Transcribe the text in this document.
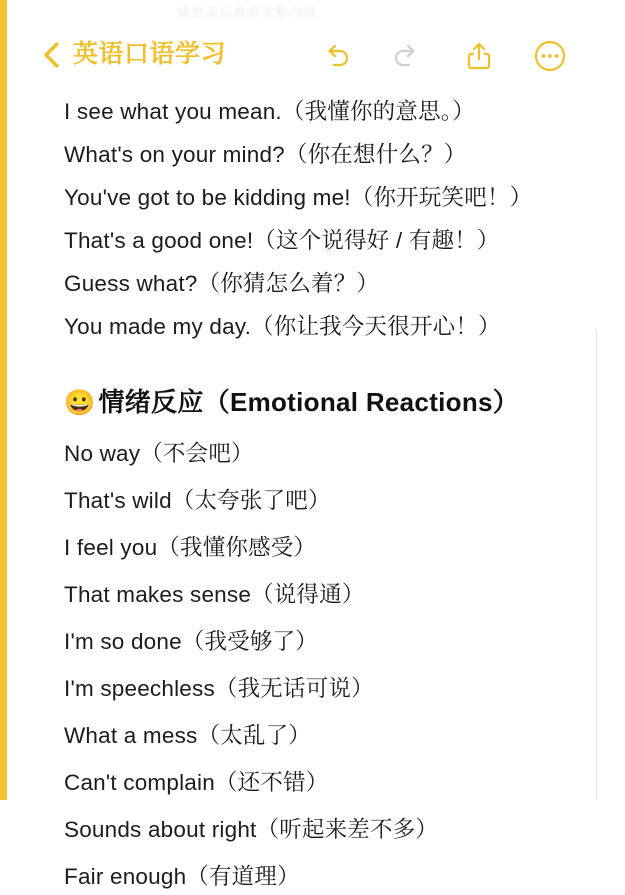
请登录后查看完整内容
英语口语学习
I see what you mean.（我懂你的意思。）
What's on your mind?（你在想什么？）
You've got to be kidding me!（你开玩笑吧！）
That's a good one!（这个说得好 / 有趣！）
Guess what?（你猜怎么着？）
You made my day.（你让我今天很开心！）
😀 情绪反应（Emotional Reactions）
No way（不会吧）
That's wild（太夸张了吧）
I feel you（我懂你感受）
That makes sense（说得通）
I'm so done（我受够了）
I'm speechless（我无话可说）
What a mess（太乱了）
Can't complain（还不错）
Sounds about right（听起来差不多）
Fair enough（有道理）
